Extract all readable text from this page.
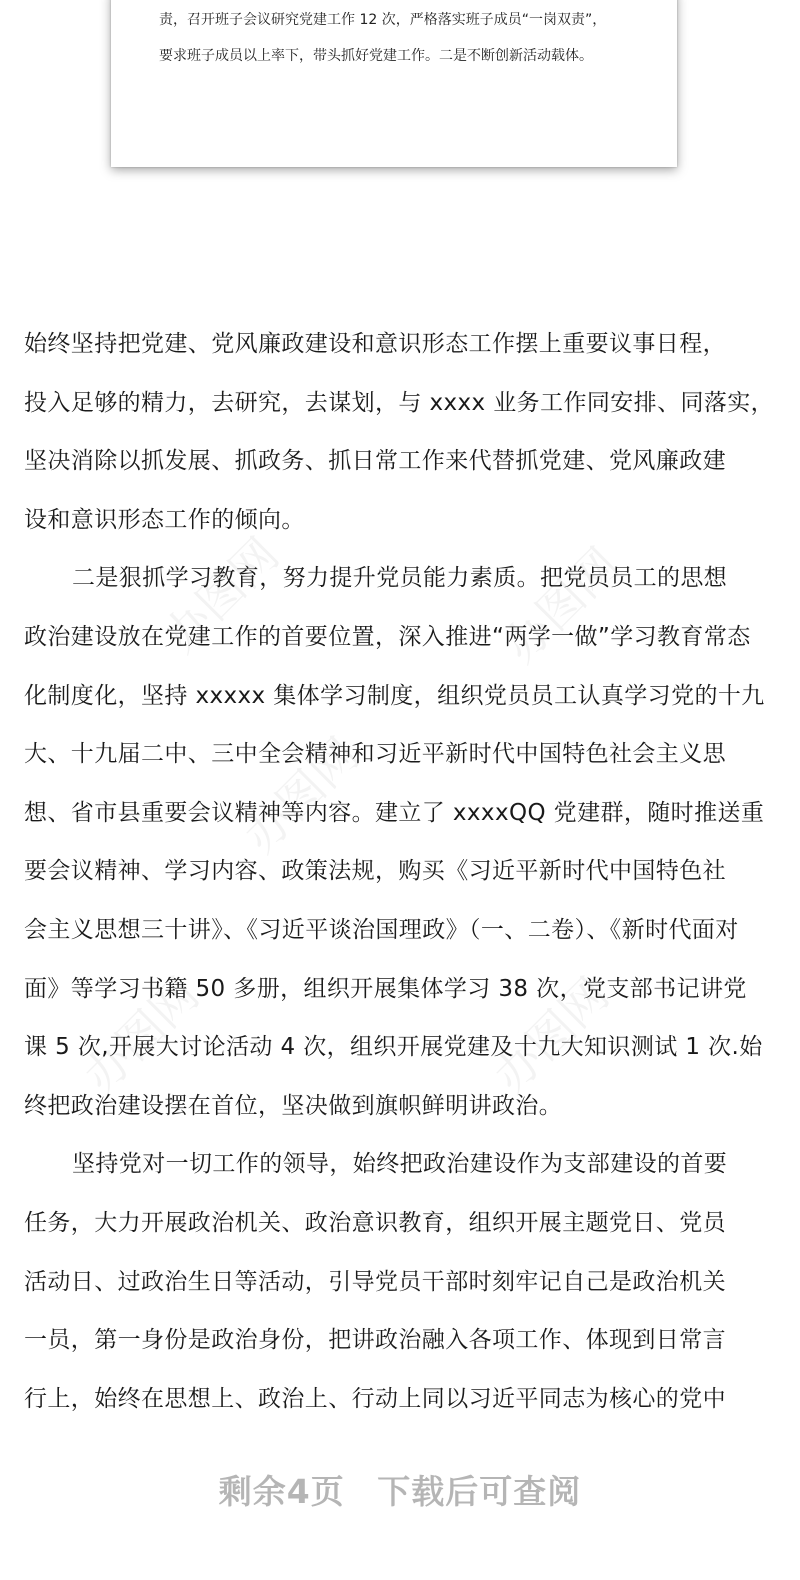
责，召开班子会议研究党建工作 12 次，严格落实班子成员“一岗双责”，
要求班子成员以上率下，带头抓好党建工作。二是不断创新活动载体。
办图网	办图网
办图网
办图网	办图网
始终坚持把党建、党风廉政建设和意识形态工作摆上重要议事日程，
投入足够的精力，去研究，去谋划，与 xxxx 业务工作同安排、同落实，
坚决消除以抓发展、抓政务、抓日常工作来代替抓党建、党风廉政建
设和意识形态工作的倾向。
二是狠抓学习教育，努力提升党员能力素质。把党员员工的思想
政治建设放在党建工作的首要位置，深入推进“两学一做”学习教育常态
化制度化，坚持 xxxxx 集体学习制度，组织党员员工认真学习党的十九
大、十九届二中、三中全会精神和习近平新时代中国特色社会主义思
想、省市县重要会议精神等内容。建立了 xxxxQQ 党建群，随时推送重
要会议精神、学习内容、政策法规，购买《习近平新时代中国特色社
会主义思想三十讲》、《习近平谈治国理政》（一、二卷）、《新时代面对
面》等学习书籍 50 多册，组织开展集体学习 38 次，党支部书记讲党
课 5 次,开展大讨论活动 4 次，组织开展党建及十九大知识测试 1 次.始
终把政治建设摆在首位，坚决做到旗帜鲜明讲政治。
坚持党对一切工作的领导，始终把政治建设作为支部建设的首要
任务，大力开展政治机关、政治意识教育，组织开展主题党日、党员
活动日、过政治生日等活动，引导党员干部时刻牢记自己是政治机关
一员，第一身份是政治身份，把讲政治融入各项工作、体现到日常言
行上，始终在思想上、政治上、行动上同以习近平同志为核心的党中
剩余4页 下载后可查阅
